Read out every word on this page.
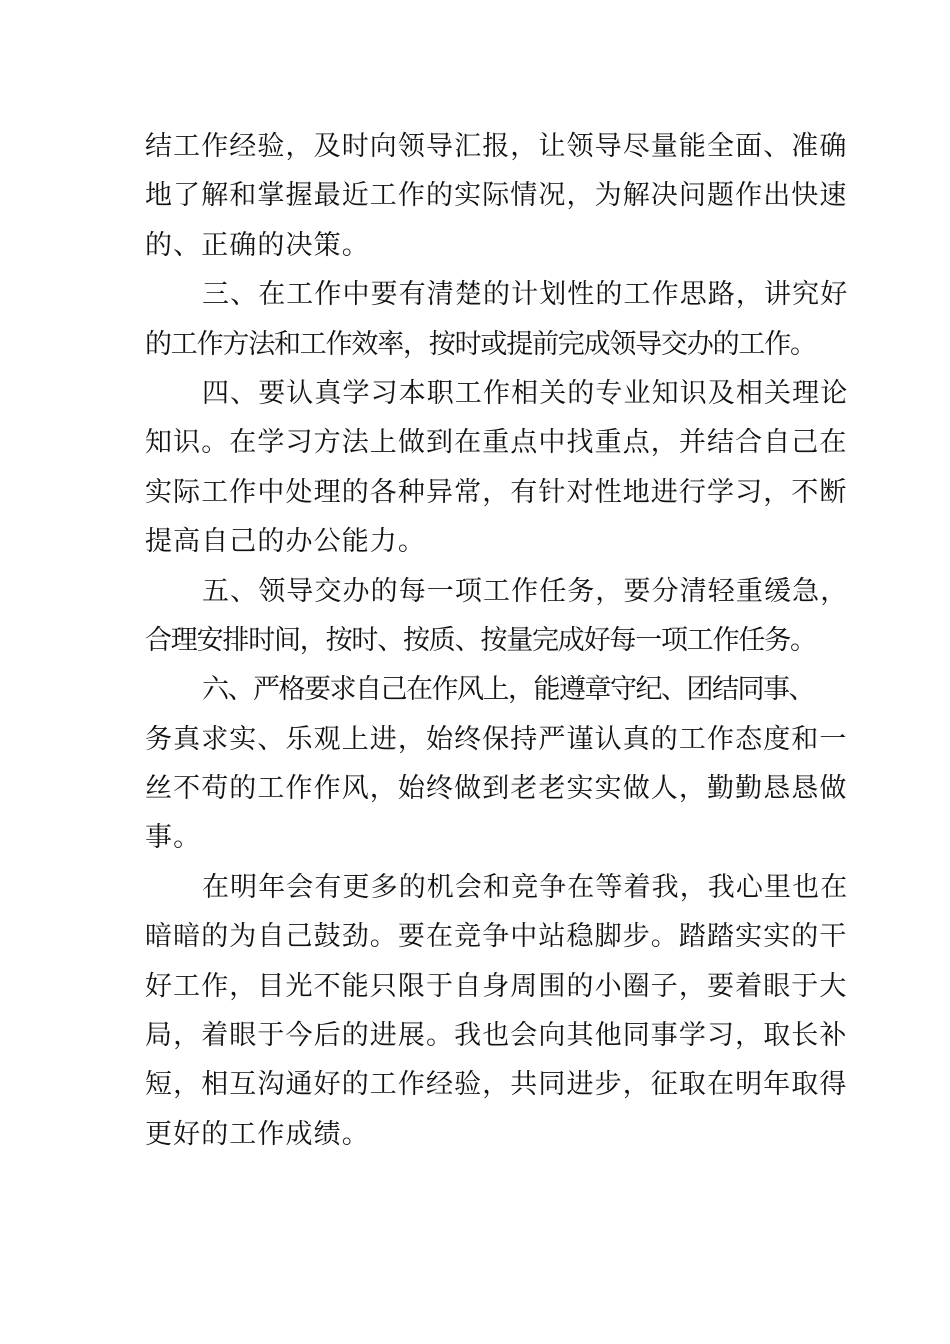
结工作经验，及时向领导汇报，让领导尽量能全面、准确
地了解和掌握最近工作的实际情况，为解决问题作出快速
的、正确的决策。
三、在工作中要有清楚的计划性的工作思路，讲究好
的工作方法和工作效率，按时或提前完成领导交办的工作。
四、要认真学习本职工作相关的专业知识及相关理论
知识。在学习方法上做到在重点中找重点，并结合自己在
实际工作中处理的各种异常，有针对性地进行学习，不断
提高自己的办公能力。
五、领导交办的每一项工作任务，要分清轻重缓急，
合理安排时间，按时、按质、按量完成好每一项工作任务。
六、严格要求自己在作风上，能遵章守纪、团结同事、
务真求实、乐观上进，始终保持严谨认真的工作态度和一
丝不苟的工作作风，始终做到老老实实做人，勤勤恳恳做
事。
在明年会有更多的机会和竞争在等着我，我心里也在
暗暗的为自己鼓劲。要在竞争中站稳脚步。踏踏实实的干
好工作，目光不能只限于自身周围的小圈子，要着眼于大
局，着眼于今后的进展。我也会向其他同事学习，取长补
短，相互沟通好的工作经验，共同进步，征取在明年取得
更好的工作成绩。
